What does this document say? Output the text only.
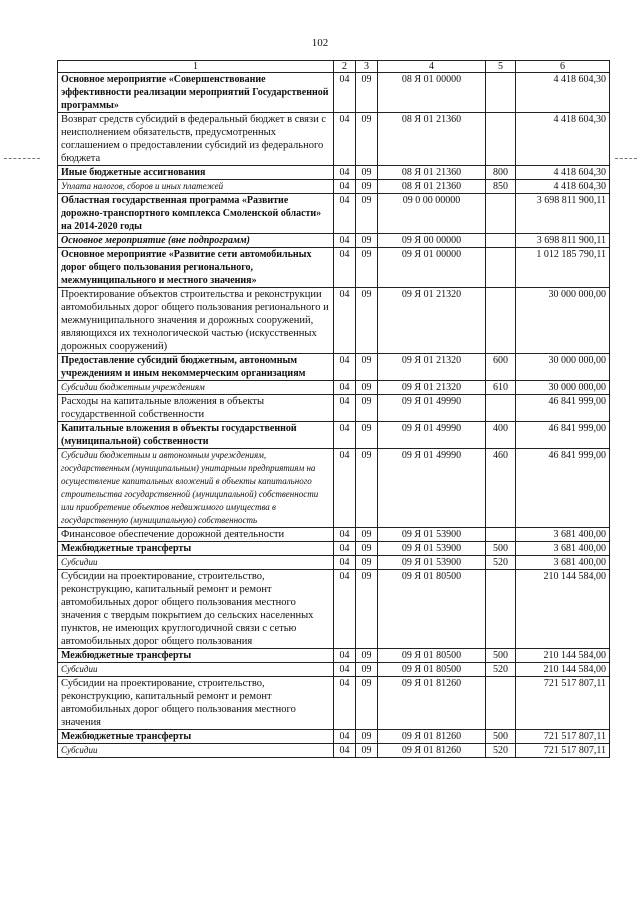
102
1	2	3	4	5	6
Основное мероприятие «Совершенствование эффективности реализации мероприятий Государственной программы»	04	09	08 Я 01 00000		4 418 604,30
Возврат средств субсидий в федеральный бюджет в связи с неисполнением обязательств, предусмотренных соглашением о предоставлении субсидий из федерального бюджета	04	09	08 Я 01 21360		4 418 604,30
Иные бюджетные ассигнования	04	09	08 Я 01 21360	800	4 418 604,30
Уплата налогов, сборов и иных платежей	04	09	08 Я 01 21360	850	4 418 604,30
Областная государственная программа «Развитие дорожно-транспортного комплекса Смоленской области» на 2014-2020 годы	04	09	09 0 00 00000		3 698 811 900,11
Основное мероприятие (вне подпрограмм)	04	09	09 Я 00 00000		3 698 811 900,11
Основное мероприятие «Развитие сети автомобильных дорог общего пользования регионального, межмуниципального и местного значения»	04	09	09 Я 01 00000		1 012 185 790,11
Проектирование объектов строительства и реконструкции автомобильных дорог общего пользования регионального и межмуниципального значения и дорожных сооружений, являющихся их технологической частью (искусственных дорожных сооружений)	04	09	09 Я 01 21320		30 000 000,00
Предоставление субсидий бюджетным, автономным учреждениям и иным некоммерческим организациям	04	09	09 Я 01 21320	600	30 000 000,00
Субсидии бюджетным учреждениям	04	09	09 Я 01 21320	610	30 000 000,00
Расходы на капитальные вложения в объекты государственной собственности	04	09	09 Я 01 49990		46 841 999,00
Капитальные вложения в объекты государственной (муниципальной) собственности	04	09	09 Я 01 49990	400	46 841 999,00
Субсидии бюджетным и автономным учреждениям, государственным (муниципальным) унитарным предприятиям на осуществление капитальных вложений в объекты капитального строительства государственной (муниципальной) собственности или приобретение объектов недвижимого имущества в государственную (муниципальную) собственность	04	09	09 Я 01 49990	460	46 841 999,00
Финансовое обеспечение дорожной деятельности	04	09	09 Я 01 53900		3 681 400,00
Межбюджетные трансферты	04	09	09 Я 01 53900	500	3 681 400,00
Субсидии	04	09	09 Я 01 53900	520	3 681 400,00
Субсидии на проектирование, строительство, реконструкцию, капитальный ремонт и ремонт автомобильных дорог общего пользования местного значения с твердым покрытием до сельских населенных пунктов, не имеющих круглогодичной связи с сетью автомобильных дорог общего пользования	04	09	09 Я 01 80500		210 144 584,00
Межбюджетные трансферты	04	09	09 Я 01 80500	500	210 144 584,00
Субсидии	04	09	09 Я 01 80500	520	210 144 584,00
Субсидии на проектирование, строительство, реконструкцию, капитальный ремонт и ремонт автомобильных дорог общего пользования местного значения	04	09	09 Я 01 81260		721 517 807,11
Межбюджетные трансферты	04	09	09 Я 01 81260	500	721 517 807,11
Субсидии	04	09	09 Я 01 81260	520	721 517 807,11
